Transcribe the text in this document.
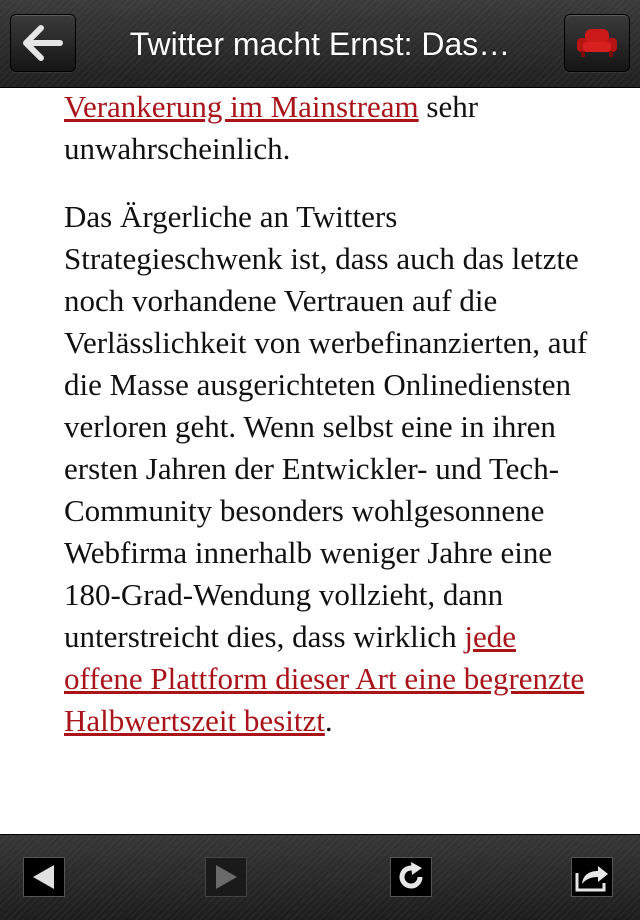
Twitter macht Ernst: Das…

Verankerung im Mainstream sehr unwahrscheinlich.

Das Ärgerliche an Twitters Strategieschwenk ist, dass auch das letzte noch vorhandene Vertrauen auf die Verlässlichkeit von werbefinanzierten, auf die Masse ausgerichteten Onlinediensten verloren geht. Wenn selbst eine in ihren ersten Jahren der Entwickler- und Tech-Community besonders wohlgesonnene Webfirma innerhalb weniger Jahre eine 180-Grad-Wendung vollzieht, dann unterstreicht dies, dass wirklich jede offene Plattform dieser Art eine begrenzte Halbwertszeit besitzt.
